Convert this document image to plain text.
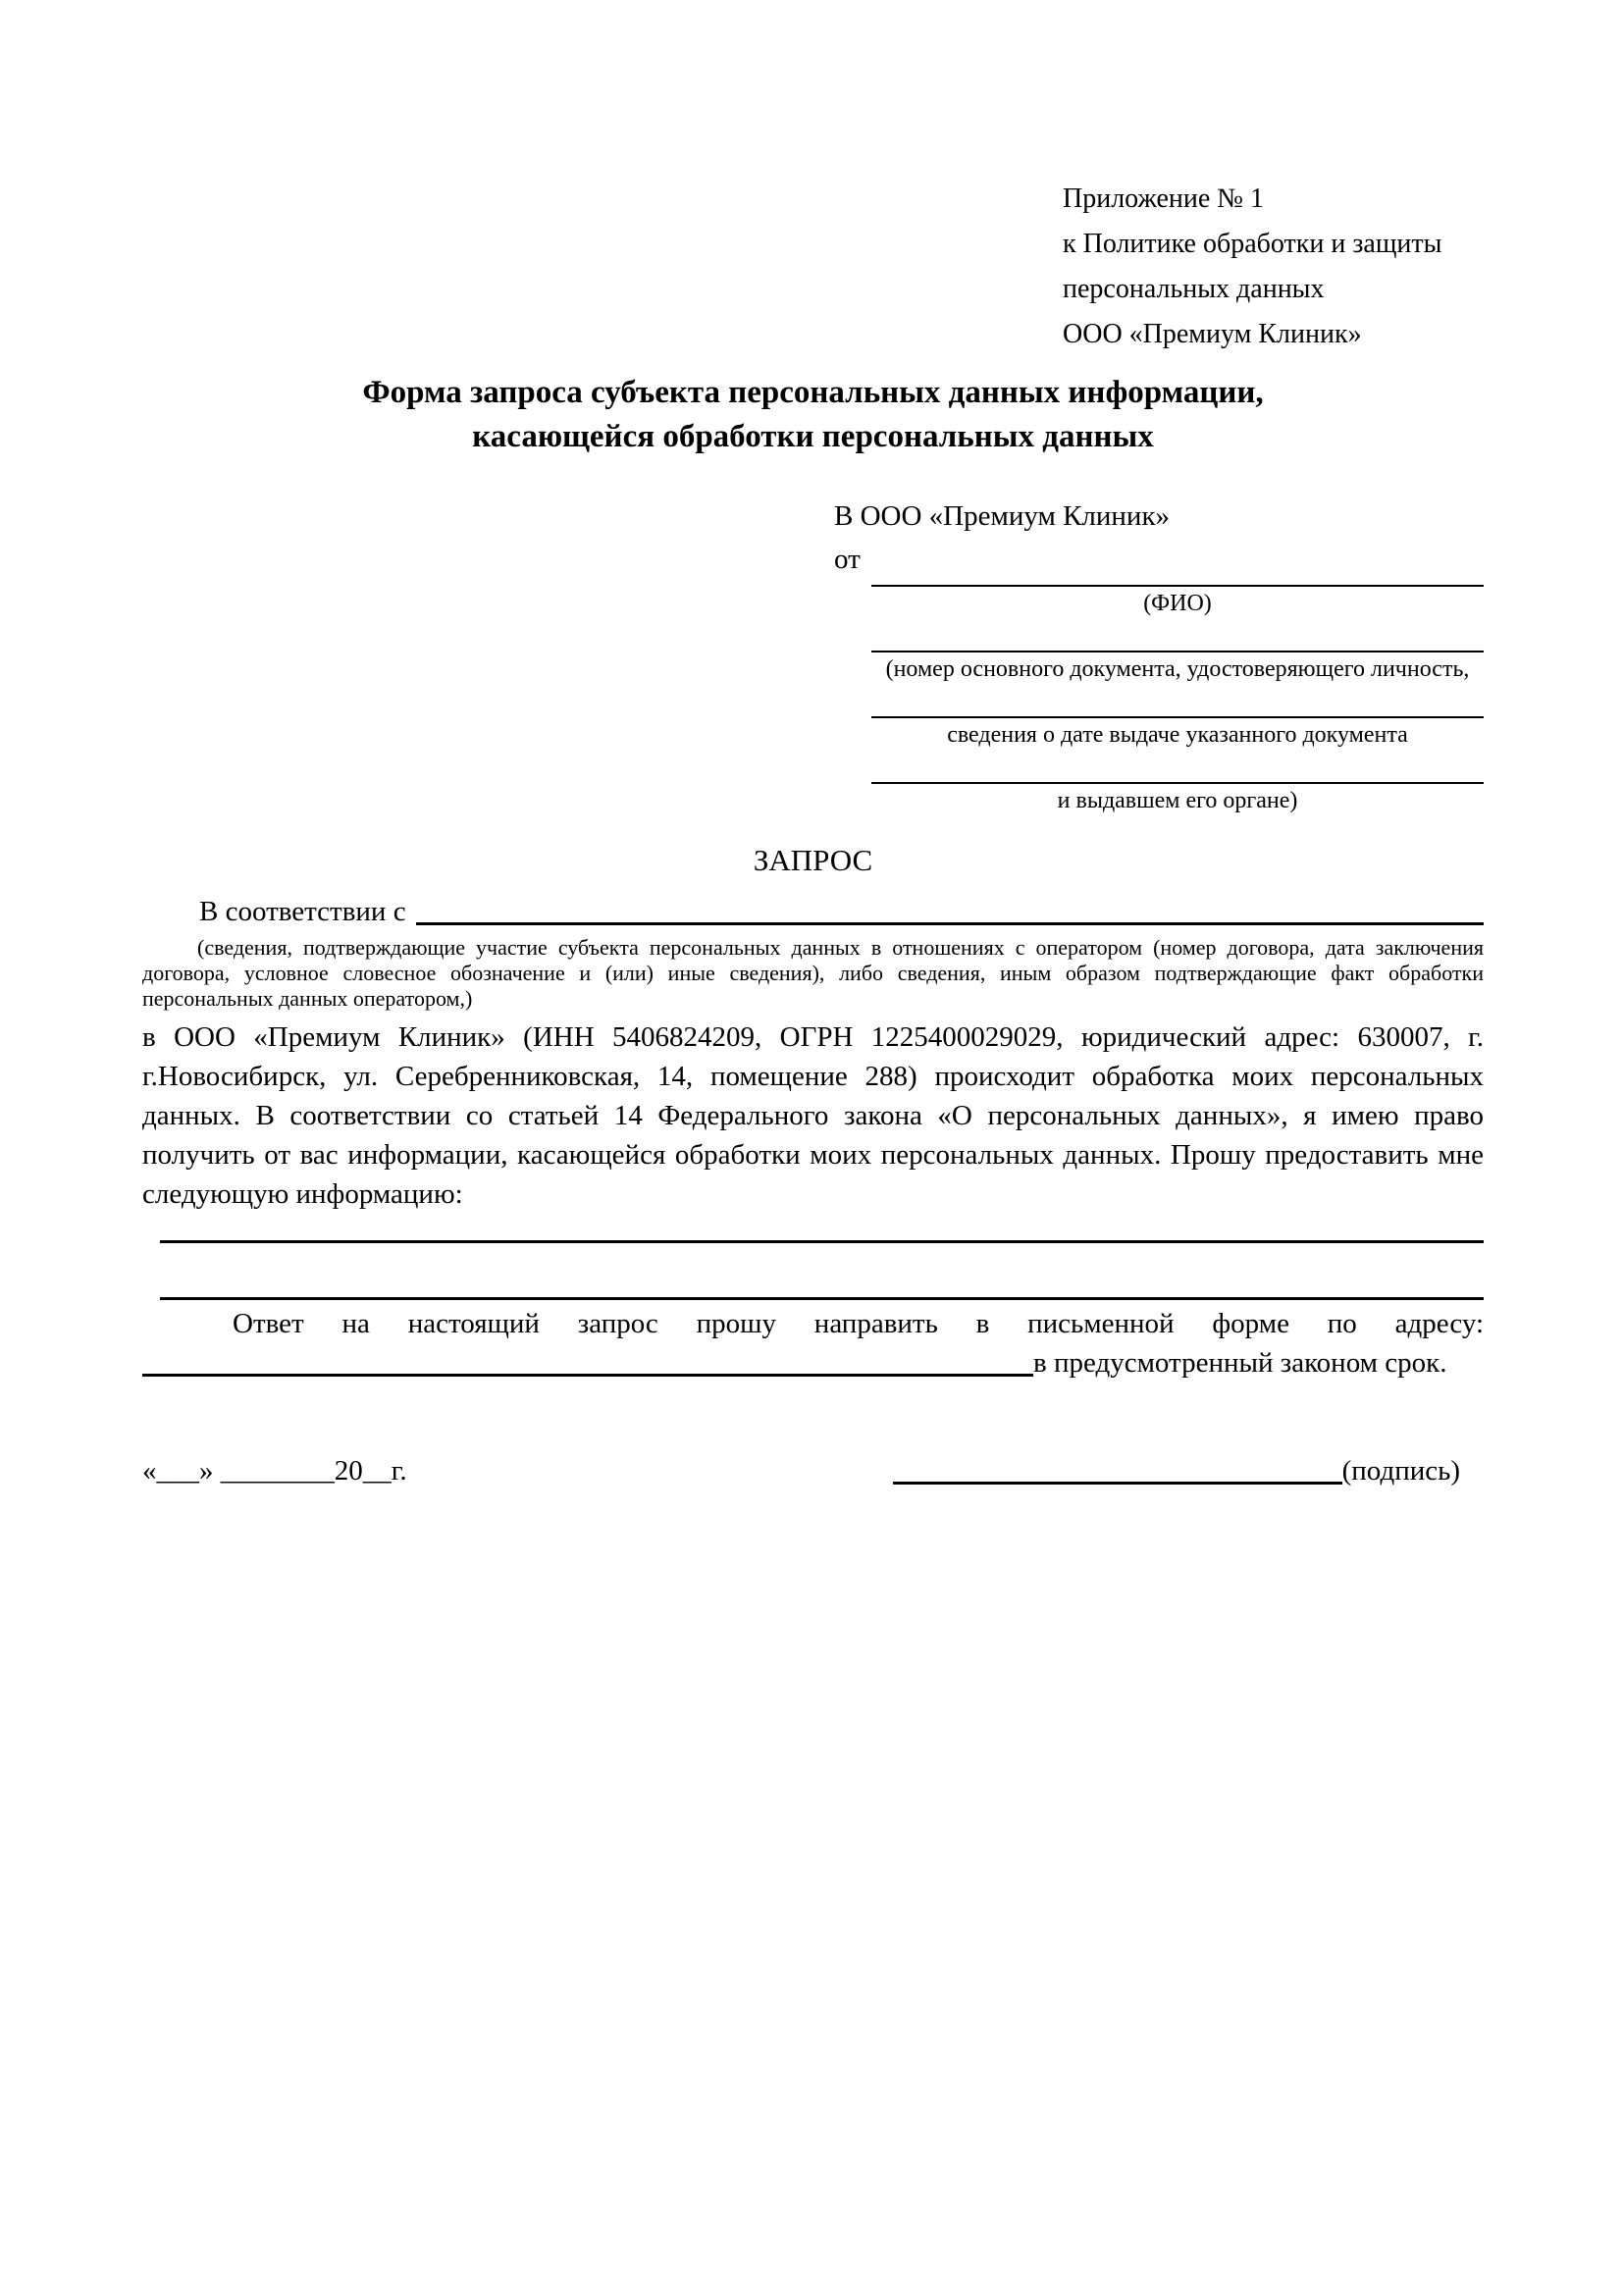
Приложение № 1
к Политике обработки и защиты
персональных данных
ООО «Премиум Клиник»
Форма запроса субъекта персональных данных информации,
касающейся обработки персональных данных
В ООО «Премиум Клиник»
от
(ФИО)
(номер основного документа, удостоверяющего личность,
сведения о дате выдаче указанного документа
и выдавшем его органе)
ЗАПРОС
В соответствии с

(сведения, подтверждающие участие субъекта персональных данных в отношениях с оператором (номер договора, дата заключения договора, условное словесное обозначение и (или) иные сведения), либо сведения, иным образом подтверждающие факт обработки персональных данных оператором,)

в ООО «Премиум Клиник» (ИНН 5406824209, ОГРН 1225400029029, юридический адрес: 630007, г. г.Новосибирск, ул. Серебренниковская, 14, помещение 288) происходит обработка моих персональных данных. В соответствии со статьей 14 Федерального закона «О персональных данных», я имею право получить от вас информации, касающейся обработки моих персональных данных. Прошу предоставить мне следующую информацию:

Ответ на настоящий запрос прошу направить в письменной форме по адресу:

в предусмотренный законом срок.
«___» ________20__г.	(подпись)
